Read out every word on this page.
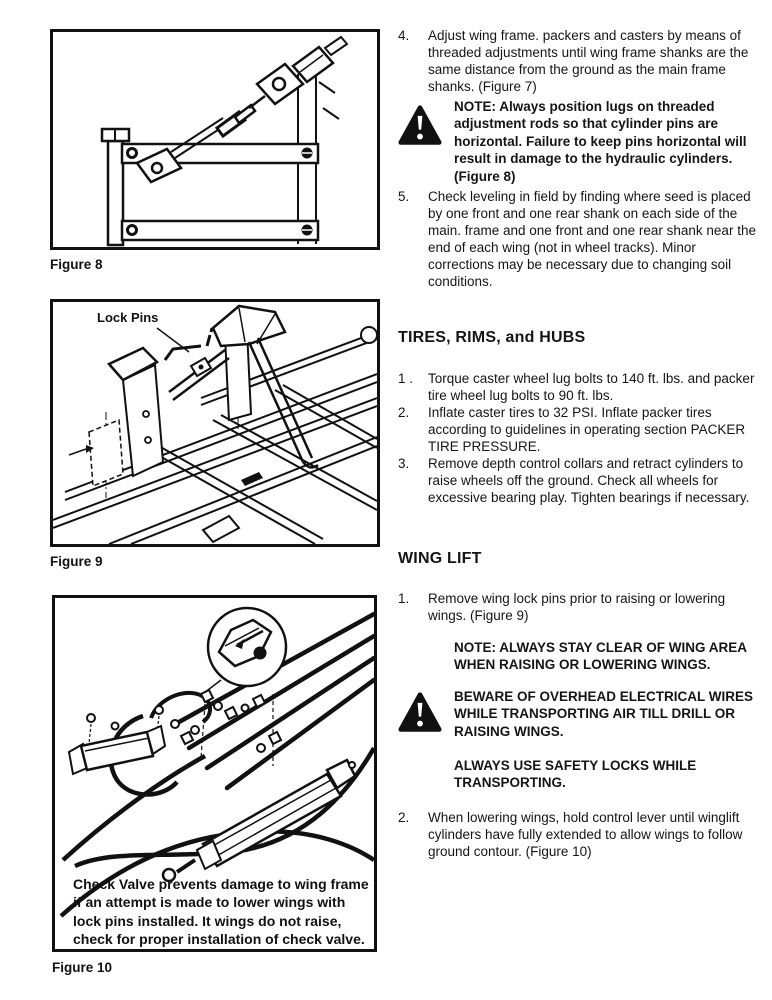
Figure 8
Lock Pins
Figure 9
Check Valve prevents damage to wing frame if an attempt is made to lower wings with lock pins installed. It wings do not raise, check for proper installation of check valve.
Figure 10
4.	Adjust wing frame. packers and casters by means of threaded adjustments until wing frame shanks are the same distance from the ground as the main frame shanks. (Figure 7)
NOTE: Always position lugs on threaded adjustment rods so that cylinder pins are horizontal. Failure to keep pins horizontal will result in damage to the hydraulic cylinders. (Figure 8)
5.	Check leveling in field by finding where seed is placed by one front and one rear shank on each side of the main. frame and one front and one rear shank near the end of each wing (not in wheel tracks). Minor corrections may be necessary due to changing soil conditions.
TIRES, RIMS, and HUBS
1 .	Torque caster wheel lug bolts to 140 ft. lbs. and packer tire wheel lug bolts to 90 ft. lbs.
2.	Inflate caster tires to 32 PSI. Inflate packer tires according to guidelines in operating section PACKER TIRE PRESSURE.
3.	Remove depth control collars and retract cylinders to raise wheels off the ground. Check all wheels for excessive bearing play. Tighten bearings if necessary.
WING LIFT
1.	Remove wing lock pins prior to raising or lowering wings. (Figure 9)
NOTE: ALWAYS STAY CLEAR OF WING AREA WHEN RAISING OR LOWERING WINGS.
BEWARE OF OVERHEAD ELECTRICAL WIRES WHILE TRANSPORTING AIR TILL DRILL OR RAISING WINGS.
ALWAYS USE SAFETY LOCKS WHILE TRANSPORTING.
2.	When lowering wings, hold control lever until winglift cylinders have fully extended to allow wings to follow ground contour. (Figure 10)
